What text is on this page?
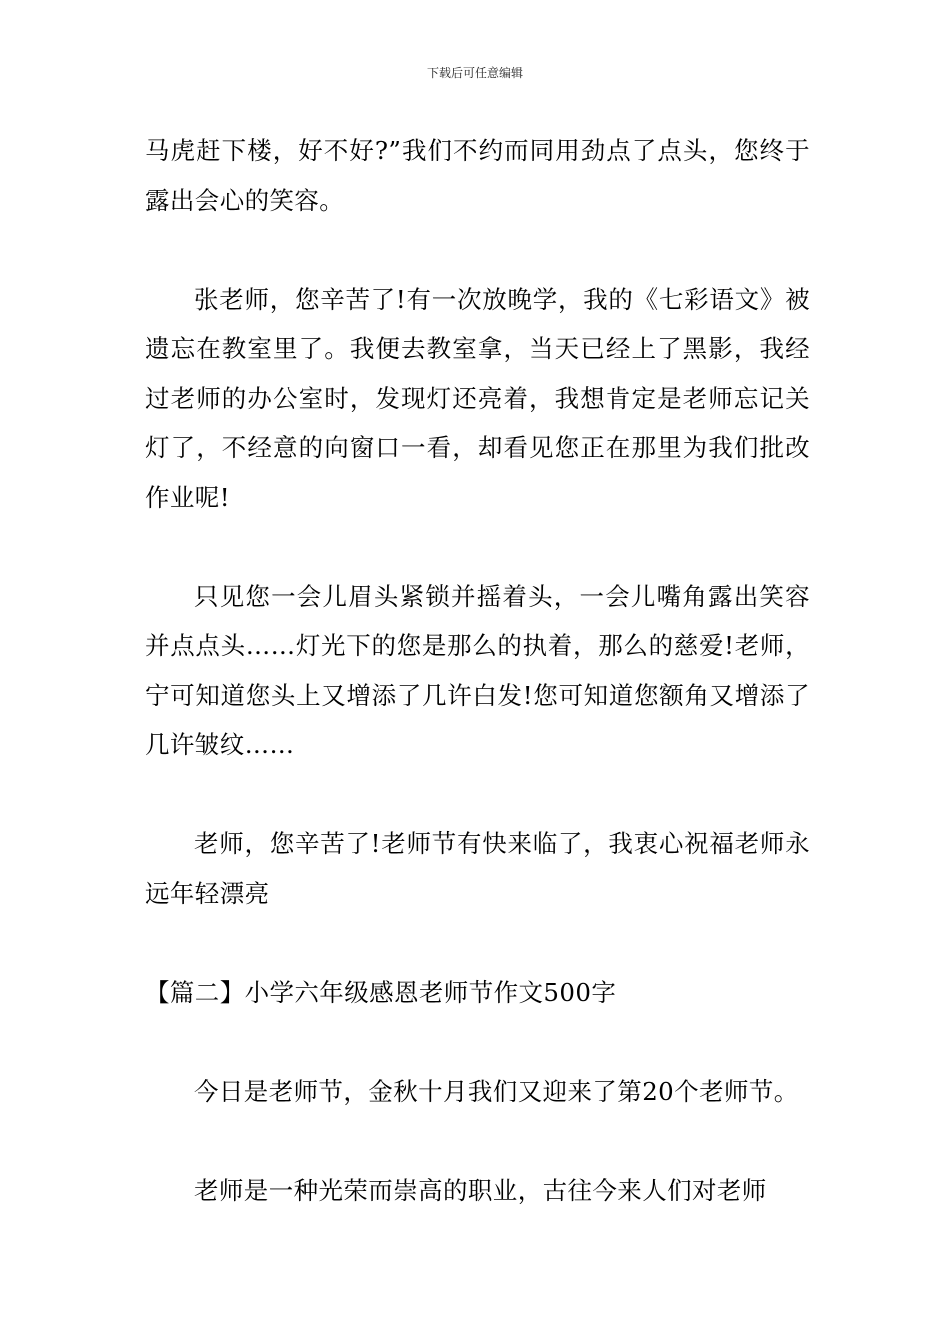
下载后可任意编辑

马虎赶下楼，好不好?”我们不约而同用劲点了点头，您终于露出会心的笑容。

张老师，您辛苦了!有一次放晚学，我的《七彩语文》被遗忘在教室里了。我便去教室拿，当天已经上了黑影，我经过老师的办公室时，发现灯还亮着，我想肯定是老师忘记关灯了，不经意的向窗口一看，却看见您正在那里为我们批改作业呢!

只见您一会儿眉头紧锁并摇着头，一会儿嘴角露出笑容并点点头……灯光下的您是那么的执着，那么的慈爱!老师，宁可知道您头上又增添了几许白发!您可知道您额角又增添了几许皱纹……

老师，您辛苦了!老师节有快来临了，我衷心祝福老师永远年轻漂亮

【篇二】小学六年级感恩老师节作文500字

今日是老师节，金秋十月我们又迎来了第20个老师节。

老师是一种光荣而崇高的职业，古往今来人们对老师
